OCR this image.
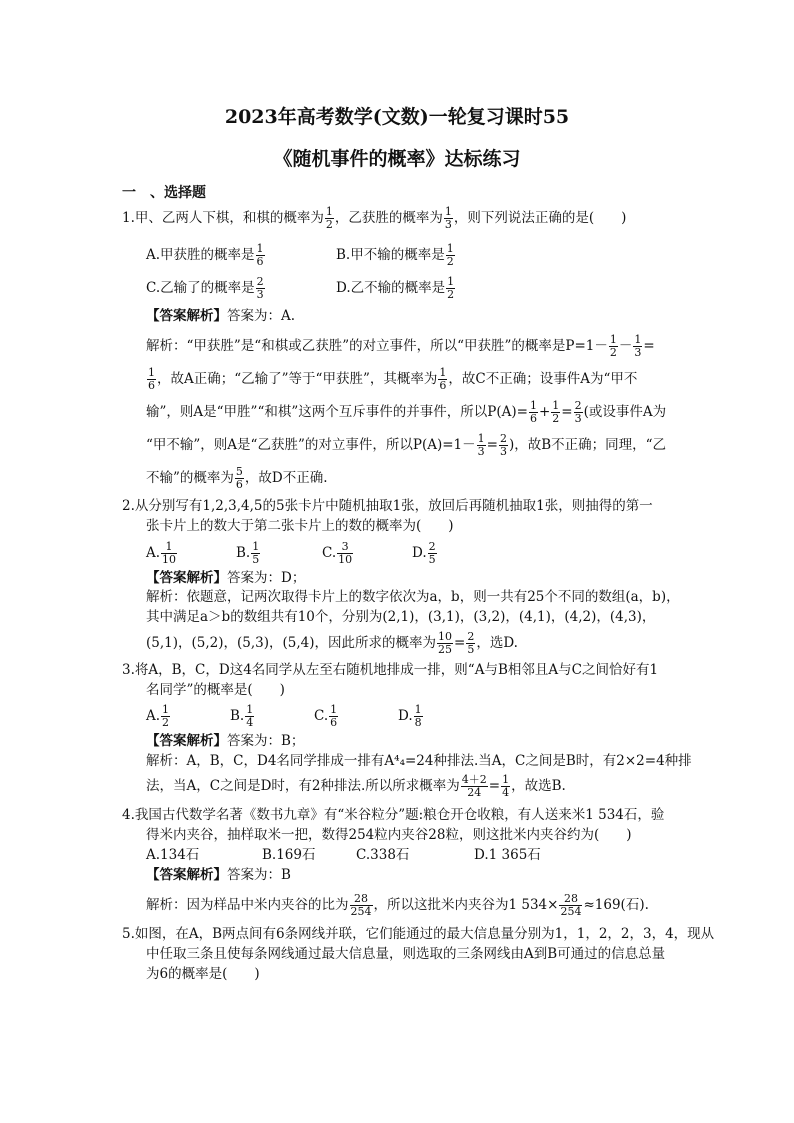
2023年高考数学(文数)一轮复习课时55
《随机事件的概率》达标练习
一　、选择题
1.甲、乙两人下棋，和棋的概率为 $\frac{1}{2}$ ，乙获胜的概率为 $\frac{1}{3}$ ，则下列说法正确的是(　　)
A.甲获胜的概率是 $\frac{1}{6}$	B.甲不输的概率是 $\frac{1}{2}$
C.乙输了的概率是 $\frac{2}{3}$	D.乙不输的概率是 $\frac{1}{2}$
【答案解析】答案为：A.
解析：“甲获胜”是“和棋或乙获胜”的对立事件，所以“甲获胜”的概率是$P=1- \frac{1}{2} - \frac{1}{3}$ =
$\frac{1}{6}$ ，故A正确；“乙输了”等于“甲获胜”，其概率为 $\frac{1}{6}$ ，故C不正确；设事件A为“甲不
输”，则A是“甲胜”“和棋”这两个互斥事件的并事件，所以$P(A)= \frac{1}{6} + \frac{1}{2} = \frac{2}{3}$ (或设事件A为
“甲不输”，则A是“乙获胜”的对立事件，所以$P(A)=1- \frac{1}{3} = \frac{2}{3}$ )，故B不正确；同理，“乙
不输”的概率为 $\frac{5}{6}$ ，故D不正确.
2.从分别写有1,2,3,4,5的5张卡片中随机抽取1张，放回后再随机抽取1张，则抽得的第一
张卡片上的数大于第二张卡片上的数的概率为(　　)
A. $\frac{1}{10}$	B. $\frac{1}{5}$	C. $\frac{3}{10}$	D. $\frac{2}{5}$
【答案解析】答案为：D；
解析：依题意，记两次取得卡片上的数字依次为a，b，则一共有25个不同的数组(a，b)，
其中满足a＞b的数组共有10个，分别为(2,1)，(3,1)，(3,2)，(4,1)，(4,2)，(4,3)，
(5,1)，(5,2)，(5,3)，(5,4)，因此所求的概率为 $\frac{10}{25} = \frac{2}{5}$ ，选D.
3.将A，B，C，D这4名同学从左至右随机地排成一排，则“A与B相邻且A与C之间恰好有1
名同学”的概率是(　　)
A. $\frac{1}{2}$	B. $\frac{1}{4}$	C. $\frac{1}{6}$	D. $\frac{1}{8}$
【答案解析】答案为：B；
解析：A，B，C，D4名同学排成一排有A⁴₄=24种排法.当A，C之间是B时，有2×2=4种排
法，当A，C之间是D时，有2种排法.所以所求概率为 $\frac{4+2}{24} = \frac{1}{4}$ ，故选B.
4.我国古代数学名著《数书九章》有“米谷粒分”题:粮仓开仓收粮，有人送来米1 534石，验
得米内夹谷，抽样取米一把，数得254粒内夹谷28粒，则这批米内夹谷约为(　　)
A.134石	B.169石	C.338石	D.1 365石
【答案解析】答案为：B
解析：因为样品中米内夹谷的比为 $\frac{28}{254}$ ，所以这批米内夹谷为1 $534\times \frac{28}{254} \approx 169$(石).
5.如图，在A，B两点间有6条网线并联，它们能通过的最大信息量分别为1，1，2，2，3，4，现从
中任取三条且使每条网线通过最大信息量，则选取的三条网线由A到B可通过的信息总量
为6的概率是(　　)
